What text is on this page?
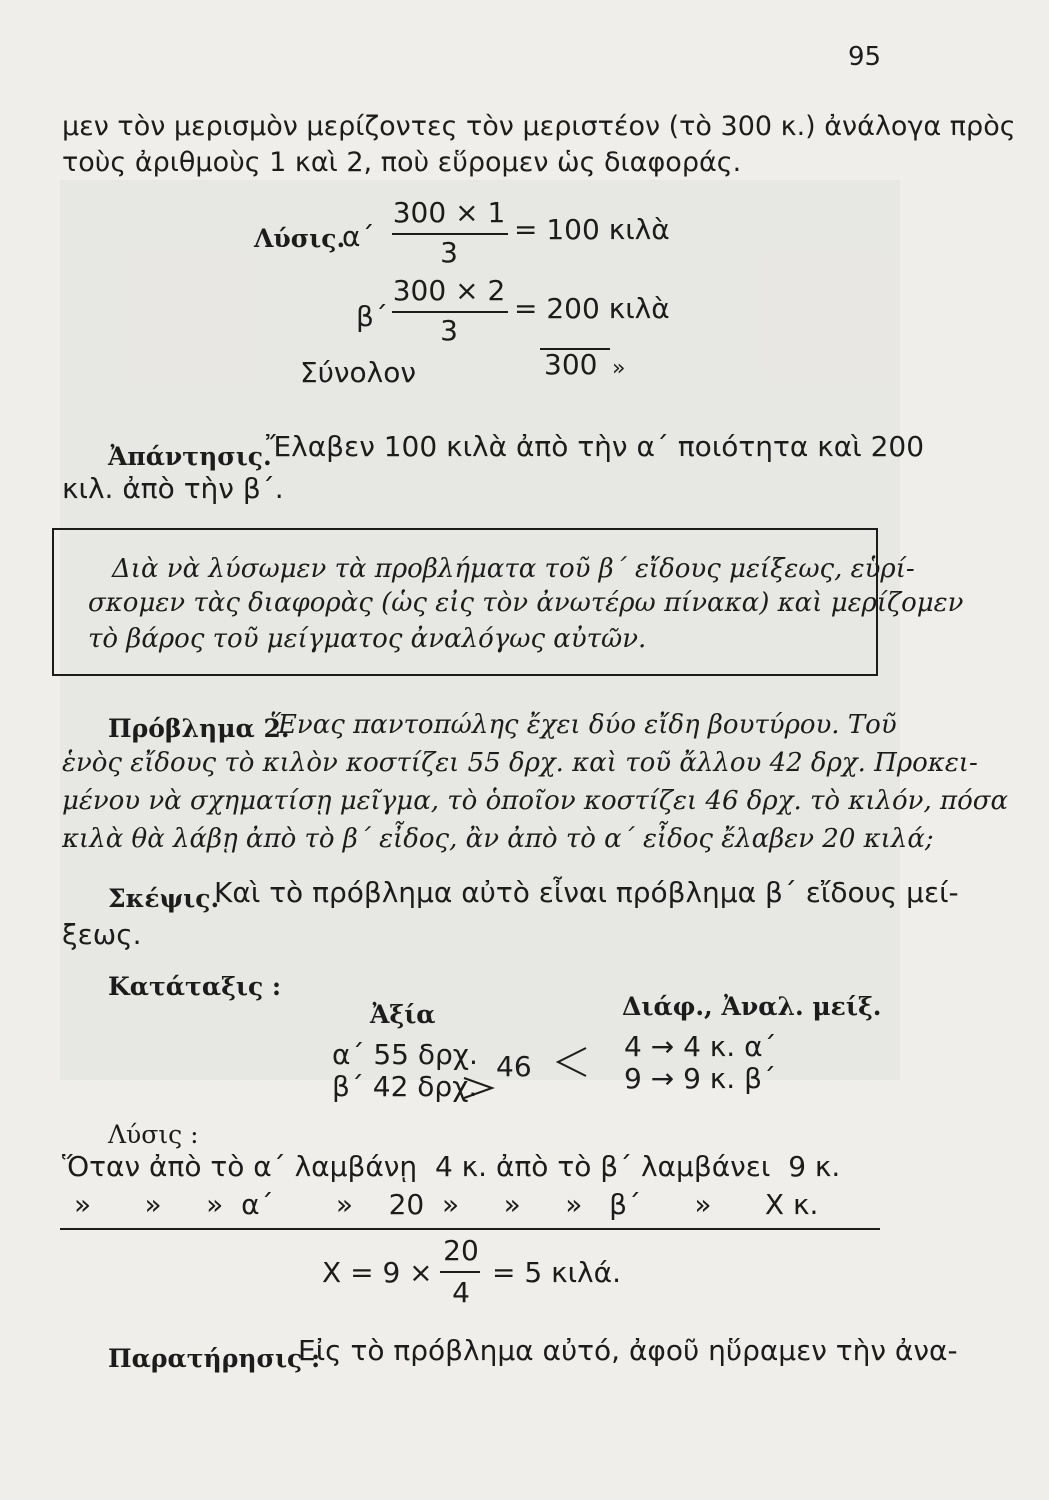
95
μεν τὸν μερισμὸν μερίζοντες τὸν μεριστέον (τὸ 300 κ.) ἀνάλογα πρὸς
τοὺς ἀριθμοὺς 1 καὶ 2, ποὺ εὕρομεν ὡς διαφοράς.
Λύσις.
α΄
300 × 1
3
= 100 κιλὰ
β΄
300 × 2
3
= 200 κιλὰ
Σύνολον	300 »
Ἀπάντησις.
Ἔλαβεν 100 κιλὰ ἀπὸ τὴν α΄ ποιότητα καὶ 200
κιλ. ἀπὸ τὴν β΄.
Διὰ νὰ λύσωμεν τὰ προβλήματα τοῦ β΄ εἴδους μείξεως, εὑρί-
σκομεν τὰς διαφορὰς (ὡς εἰς τὸν ἀνωτέρω πίνακα) καὶ μερίζομεν
τὸ βάρος τοῦ μείγματος ἀναλόγως αὐτῶν.
Πρόβλημα 2.
Ἕνας παντοπώλης ἔχει δύο εἴδη βουτύρου. Τοῦ
ἑνὸς εἴδους τὸ κιλὸν κοστίζει 55 δρχ. καὶ τοῦ ἄλλου 42 δρχ. Προκει-
μένου νὰ σχηματίσῃ μεῖγμα, τὸ ὁποῖον κοστίζει 46 δρχ. τὸ κιλόν, πόσα
κιλὰ θὰ λάβῃ ἀπὸ τὸ β΄ εἶδος, ἂν ἀπὸ τὸ α΄ εἶδος ἔλαβεν 20 κιλά;
Σκέψις.
Καὶ τὸ πρόβλημα αὐτὸ εἶναι πρόβλημα β΄ εἴδους μεί-
ξεως.
Κατάταξις :
Ἀξία	Διάφ., Ἀναλ. μείξ.
α΄ 55 δρχ.
β΄ 42 δρχ.
46
4 → 4 κ. α΄
9 → 9 κ. β΄
Λύσις :
Ὅταν ἀπὸ τὸ α΄ λαμβάνῃ  4 κ. ἀπὸ τὸ β΄ λαμβάνει  9 κ.
»      »     »  α΄       »    20  »     »     »   β΄      »      Χ κ.
Χ = 9 ×
20
4
= 5 κιλά.
Παρατήρησις :
Εἰς τὸ πρόβλημα αὐτό, ἀφοῦ ηὕραμεν τὴν ἀνα-
